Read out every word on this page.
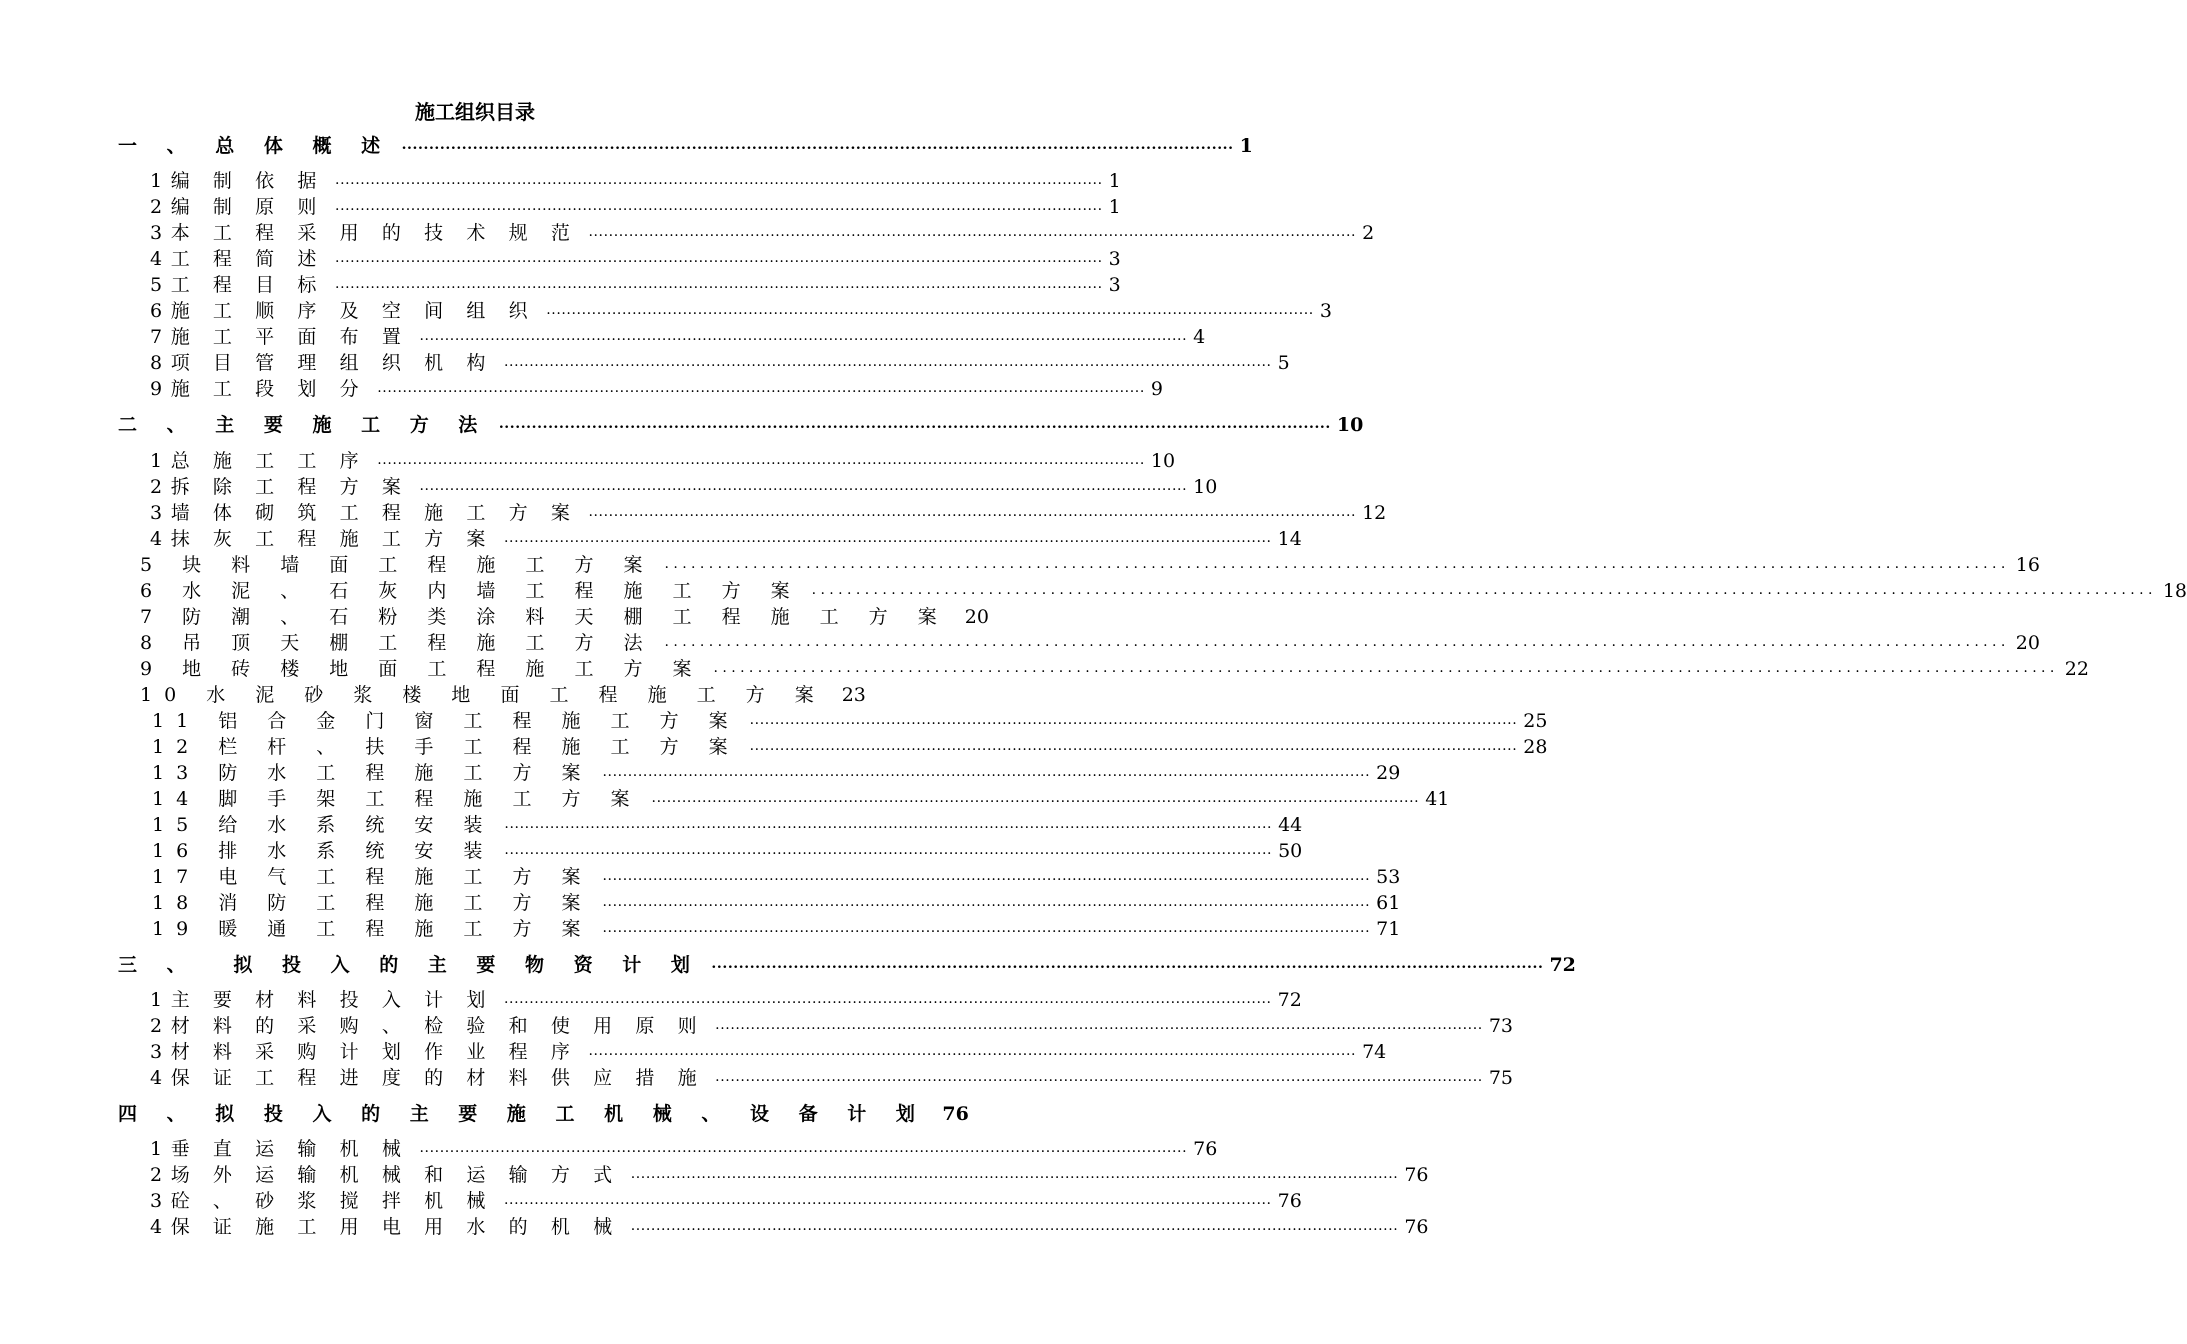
施工组织目录
一 、 总 体 概 述 ........................................................................................................................................................ 1
1编 制 依 据 ........................................................................................................................................................ 1
2编 制 原 则 ........................................................................................................................................................ 1
3本 工 程 采 用 的 技 术 规 范 ........................................................................................................................................................ 2
4工 程 简 述 ........................................................................................................................................................ 3
5工 程 目 标 ........................................................................................................................................................ 3
6施 工 顺 序 及 空 间 组 织 ........................................................................................................................................................ 3
7施 工 平 面 布 置 ........................................................................................................................................................ 4
8项 目 管 理 组 织 机 构 ........................................................................................................................................................ 5
9施 工 段 划 分 ........................................................................................................................................................ 9
二 、 主 要 施 工 方 法 ........................................................................................................................................................ 10
1总 施 工 工 序 ........................................................................................................................................................ 10
2拆 除 工 程 方 案 ........................................................................................................................................................ 10
3墙 体 砌 筑 工 程 施 工 方 案 ........................................................................................................................................................ 12
4抹 灰 工 程 施 工 方 案 ........................................................................................................................................................ 14
5 块 料 墙 面 工 程 施 工 方 案 ........................................................................................................................................................ 16
6 水 泥 、 石 灰 内 墙 工 程 施 工 方 案 ........................................................................................................................................................ 18
7 防 潮 、 石 粉 类 涂 料 天 棚 工 程 施 工 方 案 20
8 吊 顶 天 棚 工 程 施 工 方 法 ........................................................................................................................................................ 20
9 地 砖 楼 地 面 工 程 施 工 方 案 ........................................................................................................................................................ 22
10 水 泥 砂 浆 楼 地 面 工 程 施 工 方 案 23
11 铝 合 金 门 窗 工 程 施 工 方 案 ........................................................................................................................................................ 25
12 栏 杆 、 扶 手 工 程 施 工 方 案 ........................................................................................................................................................ 28
13 防 水 工 程 施 工 方 案 ........................................................................................................................................................ 29
14 脚 手 架 工 程 施 工 方 案 ........................................................................................................................................................ 41
15 给 水 系 统 安 装 ........................................................................................................................................................ 44
16 排 水 系 统 安 装 ........................................................................................................................................................ 50
17 电 气 工 程 施 工 方 案 ........................................................................................................................................................ 53
18 消 防 工 程 施 工 方 案 ........................................................................................................................................................ 61
19 暖 通 工 程 施 工 方 案 ........................................................................................................................................................ 71
三 、  拟 投 入 的 主 要 物 资 计 划 ........................................................................................................................................................ 72
1主 要 材 料 投 入 计 划 ........................................................................................................................................................ 72
2材 料 的 采 购 、 检 验 和 使 用 原 则 ........................................................................................................................................................ 73
3材 料 采 购 计 划 作 业 程 序 ........................................................................................................................................................ 74
4保 证 工 程 进 度 的 材 料 供 应 措 施 ........................................................................................................................................................ 75
四 、 拟 投 入 的 主 要 施 工 机 械 、 设 备 计 划 76
1垂 直 运 输 机 械 ........................................................................................................................................................ 76
2场 外 运 输 机 械 和 运 输 方 式 ........................................................................................................................................................ 76
3砼 、 砂 浆 搅 拌 机 械 ........................................................................................................................................................ 76
4保 证 施 工 用 电 用 水 的 机 械 ........................................................................................................................................................ 76
